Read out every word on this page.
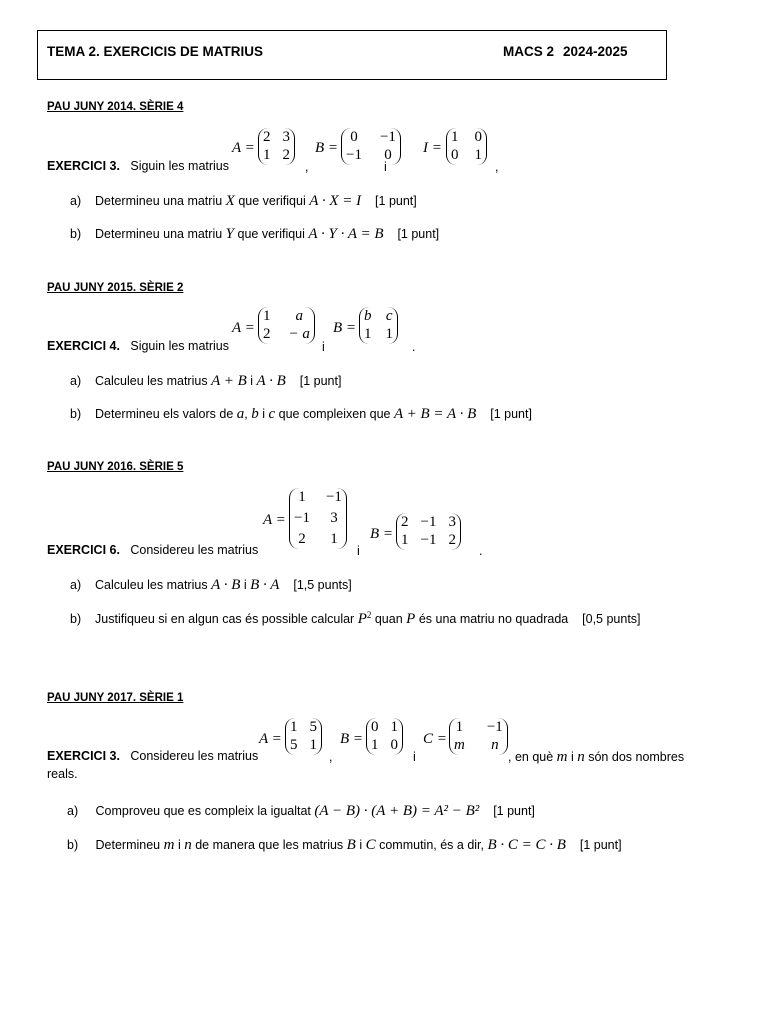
TEMA 2. EXERCICIS DE MATRIUS	MACS 2 2024-2025
PAU JUNY 2014. SÈRIE 4
A =
2 3
1 2
,
B =
0 −1
−1 0
i
I =
1 0
0 1
,
EXERCICI 3. Siguin les matrius
a) Determineu una matriu X que verifiqui A · X = I [1 punt]
b) Determineu una matriu Y que verifiqui A · Y · A = B [1 punt]
PAU JUNY 2015. SÈRIE 2
A =
1	a
2 − a
i
B =
b c
1 1
.
EXERCICI 4. Siguin les matrius
a) Calculeu les matrius A + B i A · B [1 punt]
b) Determineu els valors de a, b i c que compleixen que A + B = A · B [1 punt]
PAU JUNY 2016. SÈRIE 5
A =
1 −1
−1 3
2 1
i
B =
2 −1 3
1 −1 2
.
EXERCICI 6. Considereu les matrius
a) Calculeu les matrius A · B i B · A [1,5 punts]
b) Justifiqueu si en algun cas és possible calcular $P^2$ quan P és una matriu no quadrada [0,5 punts]
PAU JUNY 2017. SÈRIE 1
A =
1 5
5 1
,
B =
0 1
1 0
i
C =
1 −1
m n
EXERCICI 3. Considereu les matrius	, en què m i n són dos nombres
reals.
a) Comproveu que es compleix la igualtat (A − B) · (A + B) = A² − B² [1 punt]
b) Determineu m i n de manera que les matrius B i C commutin, és a dir, B · C = C · B [1 punt]
